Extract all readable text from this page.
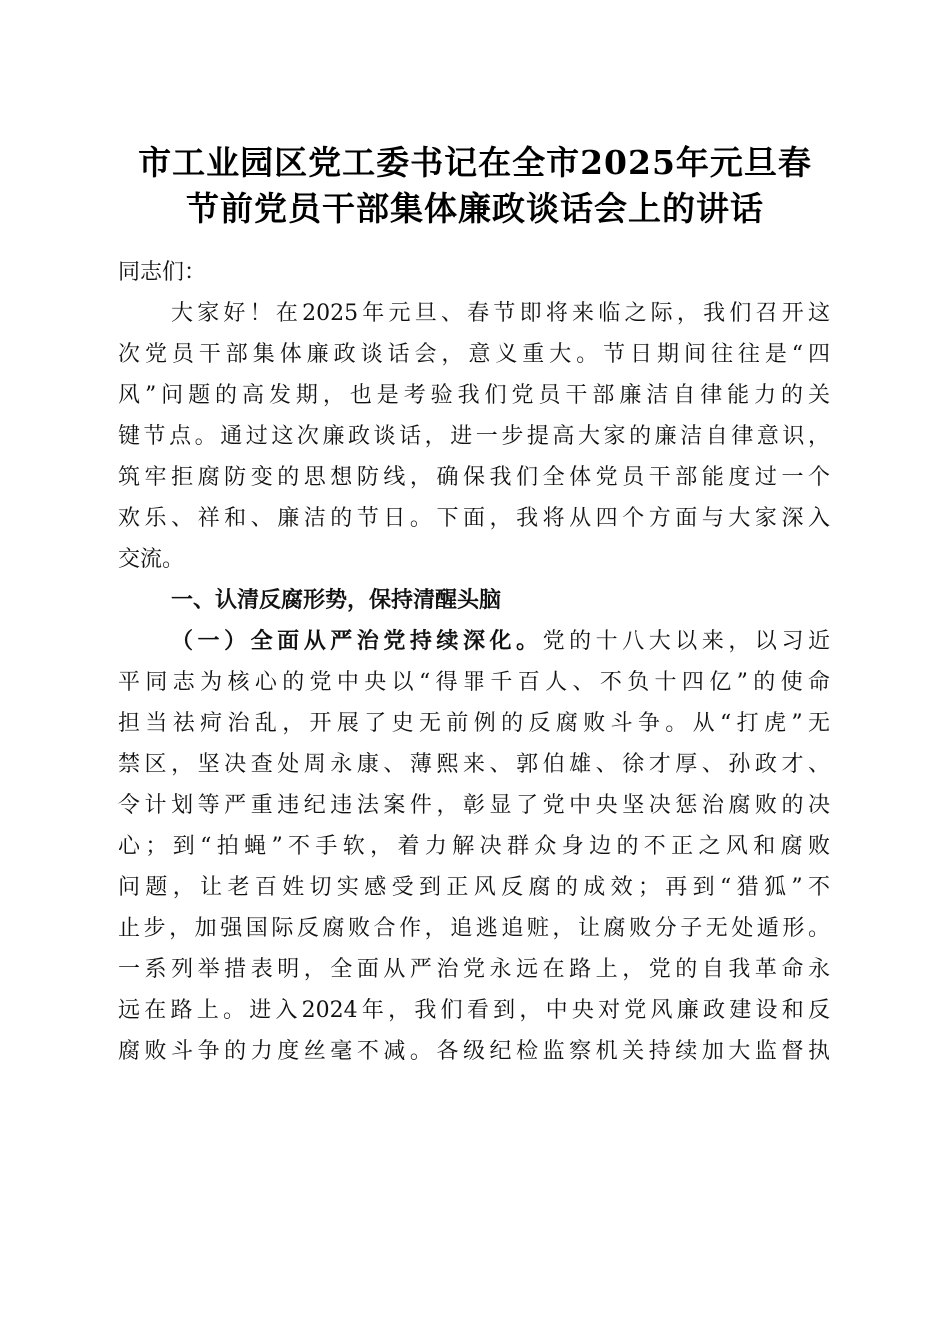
市工业园区党工委书记在全市2025年元旦春
节前党员干部集体廉政谈话会上的讲话
同志们：
大家好！在2025年元旦、春节即将来临之际，我们召开这
次党员干部集体廉政谈话会，意义重大。节日期间往往是“四
风”问题的高发期，也是考验我们党员干部廉洁自律能力的关
键节点。通过这次廉政谈话，进一步提高大家的廉洁自律意识，
筑牢拒腐防变的思想防线，确保我们全体党员干部能度过一个
欢乐、祥和、廉洁的节日。下面，我将从四个方面与大家深入
交流。
一、认清反腐形势，保持清醒头脑
（一）全面从严治党持续深化。党的十八大以来，以习近
平同志为核心的党中央以“得罪千百人、不负十四亿”的使命
担当祛疴治乱，开展了史无前例的反腐败斗争。从“打虎”无
禁区，坚决查处周永康、薄熙来、郭伯雄、徐才厚、孙政才、
令计划等严重违纪违法案件，彰显了党中央坚决惩治腐败的决
心；到“拍蝇”不手软，着力解决群众身边的不正之风和腐败
问题，让老百姓切实感受到正风反腐的成效；再到“猎狐”不
止步，加强国际反腐败合作，追逃追赃，让腐败分子无处遁形。
一系列举措表明，全面从严治党永远在路上，党的自我革命永
远在路上。进入2024年，我们看到，中央对党风廉政建设和反
腐败斗争的力度丝毫不减。各级纪检监察机关持续加大监督执
